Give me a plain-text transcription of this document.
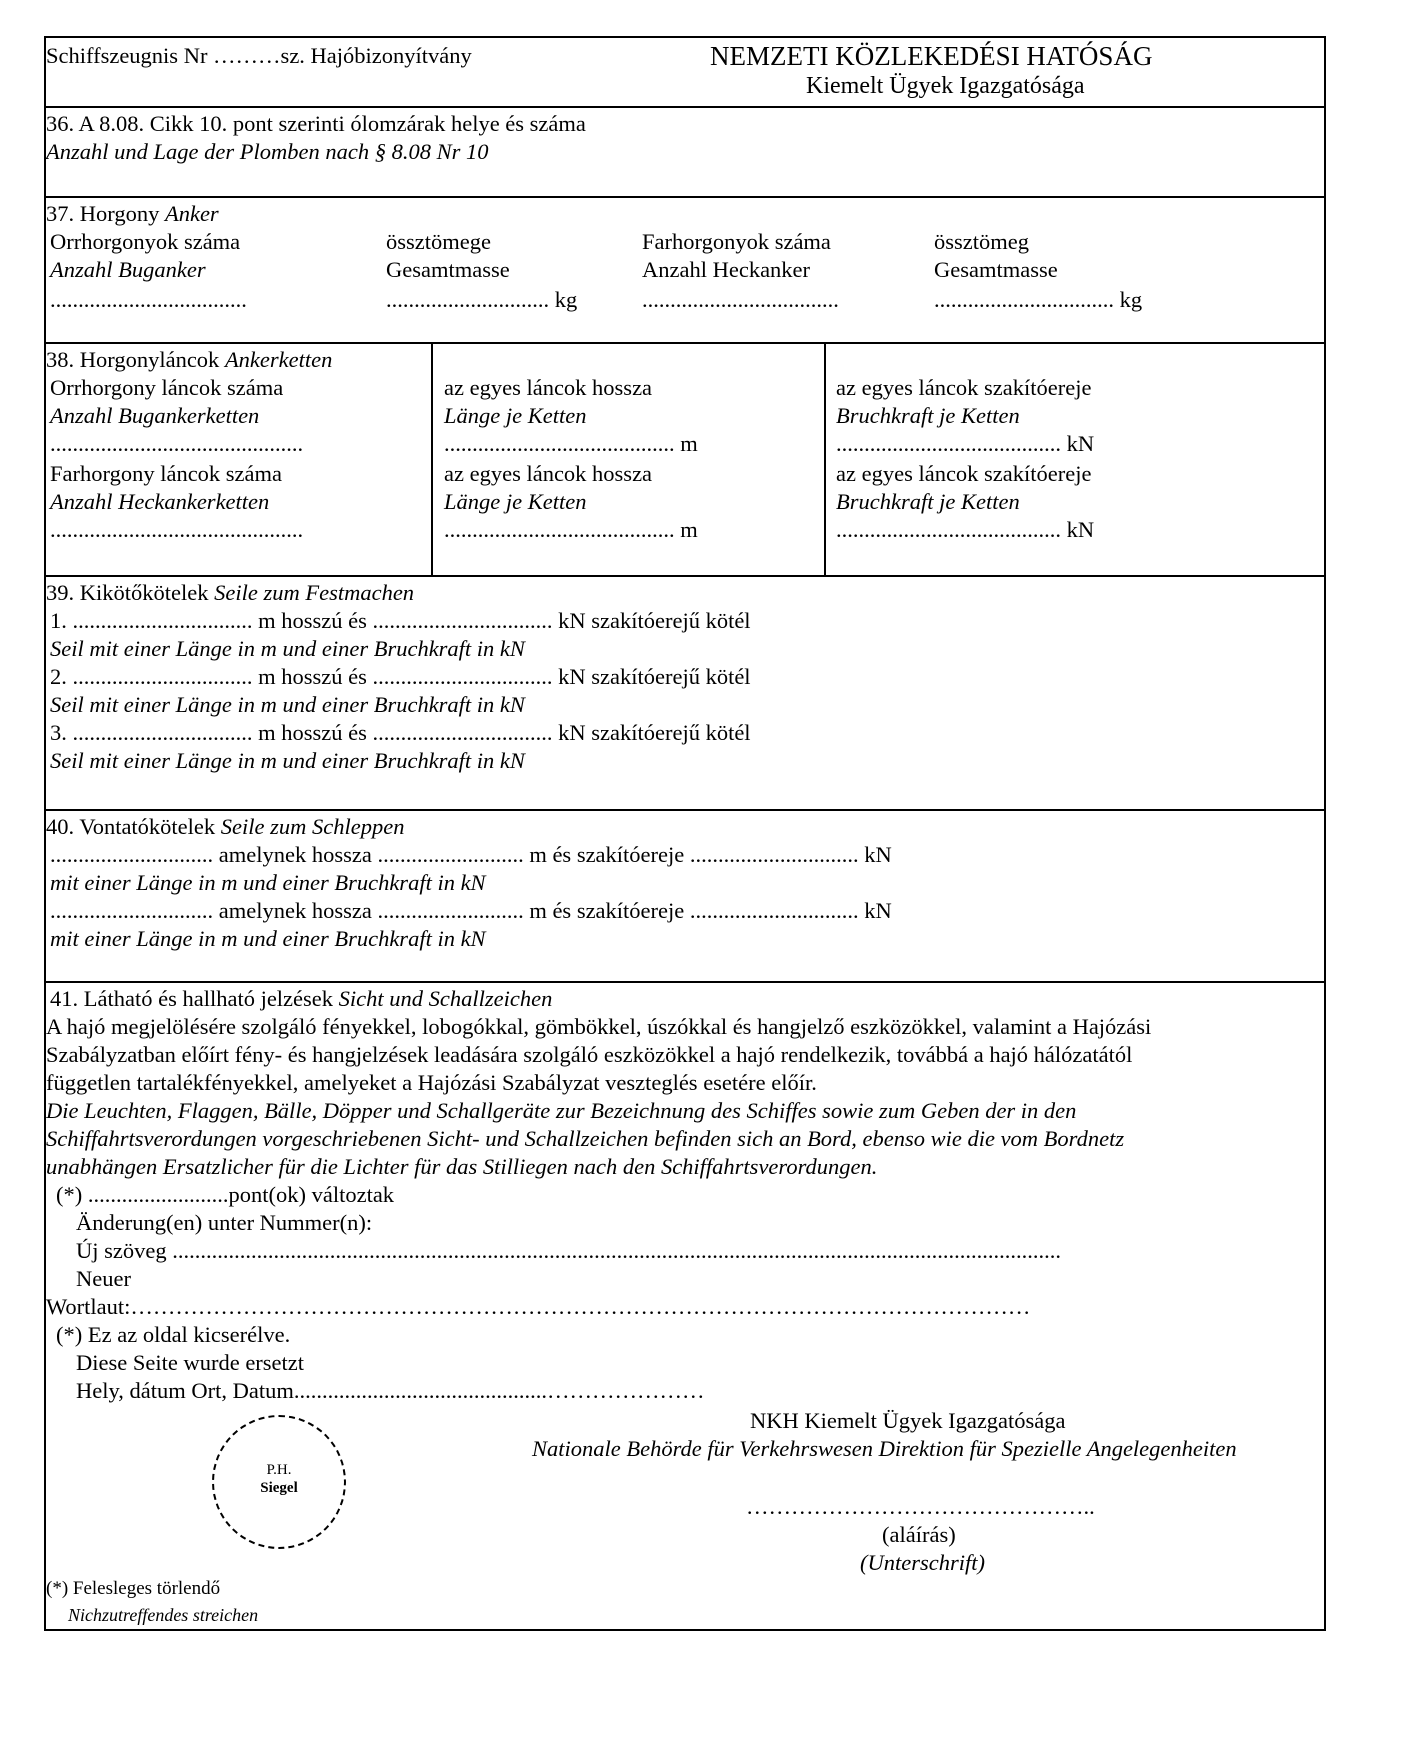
Schiffszeugnis Nr ………sz. Hajóbizonyítvány	NEMZETI KÖZLEKEDÉSI HATÓSÁG
Kiemelt Ügyek Igazgatósága
36. A 8.08. Cikk 10. pont szerinti ólomzárak helye és száma
Anzahl und Lage der Plomben nach § 8.08 Nr 10
37. Horgony Anker
Orrhorgonyok száma
Anzahl Buganker
...................................
össztömege
Gesamtmasse
............................. kg
Farhorgonyok száma
Anzahl Heckanker
...................................
össztömeg
Gesamtmasse
................................ kg
38. Horgonyláncok Ankerketten
Orrhorgony láncok száma
Anzahl Bugankerketten
.............................................
Farhorgony láncok száma
Anzahl Heckankerketten
.............................................
az egyes láncok hossza
Länge je Ketten
......................................... m
az egyes láncok hossza
Länge je Ketten
......................................... m
az egyes láncok szakítóereje
Bruchkraft je Ketten
........................................ kN
az egyes láncok szakítóereje
Bruchkraft je Ketten
........................................ kN
39. Kikötőkötelek Seile zum Festmachen
1. ................................ m hosszú és ................................ kN szakítóerejű kötél
Seil mit einer Länge in m und einer Bruchkraft in kN
2. ................................ m hosszú és ................................ kN szakítóerejű kötél
Seil mit einer Länge in m und einer Bruchkraft in kN
3. ................................ m hosszú és ................................ kN szakítóerejű kötél
Seil mit einer Länge in m und einer Bruchkraft in kN
40. Vontatókötelek Seile zum Schleppen
............................. amelynek hossza .......................... m és szakítóereje .............................. kN
mit einer Länge in m und einer Bruchkraft in kN
............................. amelynek hossza .......................... m és szakítóereje .............................. kN
mit einer Länge in m und einer Bruchkraft in kN
41. Látható és hallható jelzések Sicht und Schallzeichen
A hajó megjelölésére szolgáló fényekkel, lobogókkal, gömbökkel, úszókkal és hangjelző eszközökkel, valamint a Hajózási
Szabályzatban előírt fény- és hangjelzések leadására szolgáló eszközökkel a hajó rendelkezik, továbbá a hajó hálózatától
független tartalékfényekkel, amelyeket a Hajózási Szabályzat veszteglés esetére előír.
Die Leuchten, Flaggen, Bälle, Döpper und Schallgeräte zur Bezeichnung des Schiffes sowie zum Geben der in den
Schiffahrtsverordungen vorgeschriebenen Sicht- und Schallzeichen befinden sich an Bord, ebenso wie die vom Bordnetz
unabhängen Ersatzlicher für die Lichter für das Stilliegen nach den Schiffahrtsverordungen.
(*) .........................pont(ok) változtak
Änderung(en) unter Nummer(n):
Új szöveg ..............................................................................................................................................................
Neuer
Wortlaut:…………………………………………………………………………………………………………
(*) Ez az oldal kicserélve.
Diese Seite wurde ersetzt
Hely, dátum Ort, Datum.............................................…………………
NKH Kiemelt Ügyek Igazgatósága
Nationale Behörde für Verkehrswesen Direktion für Spezielle Angelegenheiten
………………………………………..
(aláírás)
(Unterschrift)
P.H.
Siegel
(*) Felesleges törlendő
Nichzutreffendes streichen
